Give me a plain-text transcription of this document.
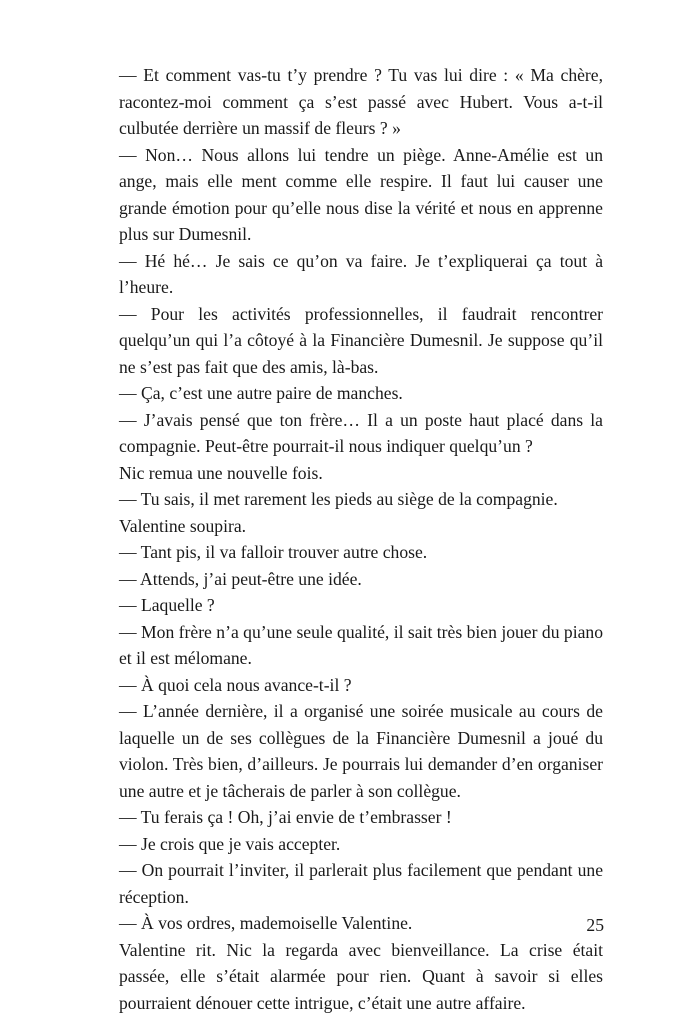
— Et comment vas-tu t’y prendre ? Tu vas lui dire : « Ma chère, racontez-moi comment ça s’est passé avec Hubert. Vous a-t-il culbutée derrière un massif de fleurs ? »

— Non… Nous allons lui tendre un piège. Anne-Amélie est un ange, mais elle ment comme elle respire. Il faut lui causer une grande émotion pour qu’elle nous dise la vérité et nous en apprenne plus sur Dumesnil.

— Hé hé… Je sais ce qu’on va faire. Je t’expliquerai ça tout à l’heure.

— Pour les activités professionnelles, il faudrait rencontrer quelqu’un qui l’a côtoyé à la Financière Dumesnil. Je suppose qu’il ne s’est pas fait que des amis, là-bas.

— Ça, c’est une autre paire de manches.

— J’avais pensé que ton frère… Il a un poste haut placé dans la compagnie. Peut-être pourrait-il nous indiquer quelqu’un ?

Nic remua une nouvelle fois.

— Tu sais, il met rarement les pieds au siège de la compagnie.

Valentine soupira.

— Tant pis, il va falloir trouver autre chose.

— Attends, j’ai peut-être une idée.

— Laquelle ?

— Mon frère n’a qu’une seule qualité, il sait très bien jouer du piano et il est mélomane.

— À quoi cela nous avance-t-il ?

— L’année dernière, il a organisé une soirée musicale au cours de laquelle un de ses collègues de la Financière Dumesnil a joué du violon. Très bien, d’ailleurs. Je pourrais lui demander d’en organiser une autre et je tâcherais de parler à son collègue.

— Tu ferais ça ! Oh, j’ai envie de t’embrasser !

— Je crois que je vais accepter.

— On pourrait l’inviter, il parlerait plus facilement que pendant une réception.

— À vos ordres, mademoiselle Valentine.

Valentine rit. Nic la regarda avec bienveillance. La crise était passée, elle s’était alarmée pour rien. Quant à savoir si elles pourraient dénouer cette intrigue, c’était une autre affaire.

25
